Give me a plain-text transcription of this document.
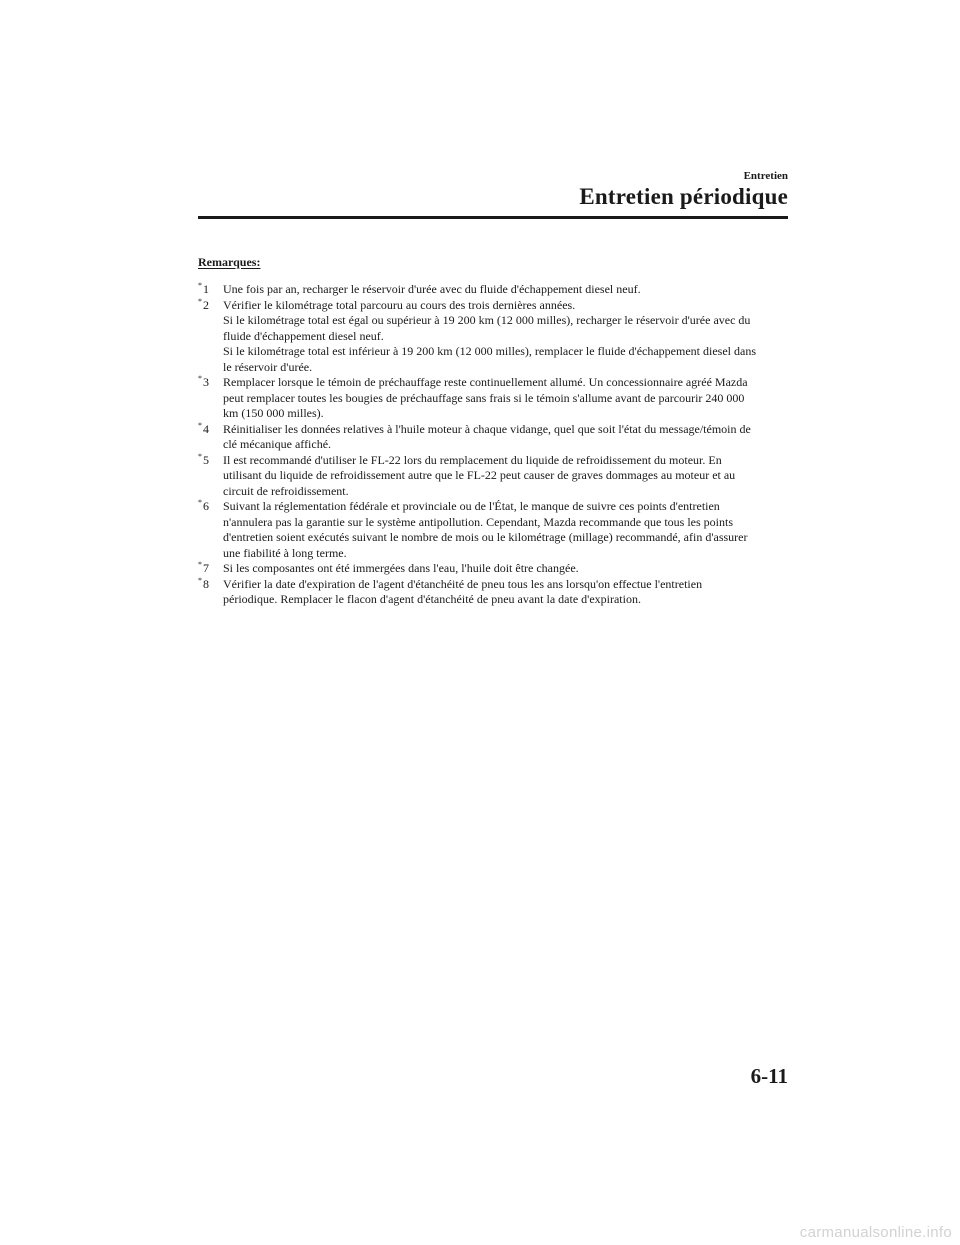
Entretien
Entretien périodique
Remarques:
*1 Une fois par an, recharger le réservoir d'urée avec du fluide d'échappement diesel neuf.
*2 Vérifier le kilométrage total parcouru au cours des trois dernières années.
Si le kilométrage total est égal ou supérieur à 19 200 km (12 000 milles), recharger le réservoir d'urée avec du
fluide d'échappement diesel neuf.
Si le kilométrage total est inférieur à 19 200 km (12 000 milles), remplacer le fluide d'échappement diesel dans
le réservoir d'urée.
*3 Remplacer lorsque le témoin de préchauffage reste continuellement allumé. Un concessionnaire agréé Mazda
peut remplacer toutes les bougies de préchauffage sans frais si le témoin s'allume avant de parcourir 240 000
km (150 000 milles).
*4 Réinitialiser les données relatives à l'huile moteur à chaque vidange, quel que soit l'état du message/témoin de
clé mécanique affiché.
*5 Il est recommandé d'utiliser le FL-22 lors du remplacement du liquide de refroidissement du moteur. En
utilisant du liquide de refroidissement autre que le FL-22 peut causer de graves dommages au moteur et au
circuit de refroidissement.
*6 Suivant la réglementation fédérale et provinciale ou de l'État, le manque de suivre ces points d'entretien
n'annulera pas la garantie sur le système antipollution. Cependant, Mazda recommande que tous les points
d'entretien soient exécutés suivant le nombre de mois ou le kilométrage (millage) recommandé, afin d'assurer
une fiabilité à long terme.
*7 Si les composantes ont été immergées dans l'eau, l'huile doit être changée.
*8 Vérifier la date d'expiration de l'agent d'étanchéité de pneu tous les ans lorsqu'on effectue l'entretien
périodique. Remplacer le flacon d'agent d'étanchéité de pneu avant la date d'expiration.
6-11
carmanualsonline.info
